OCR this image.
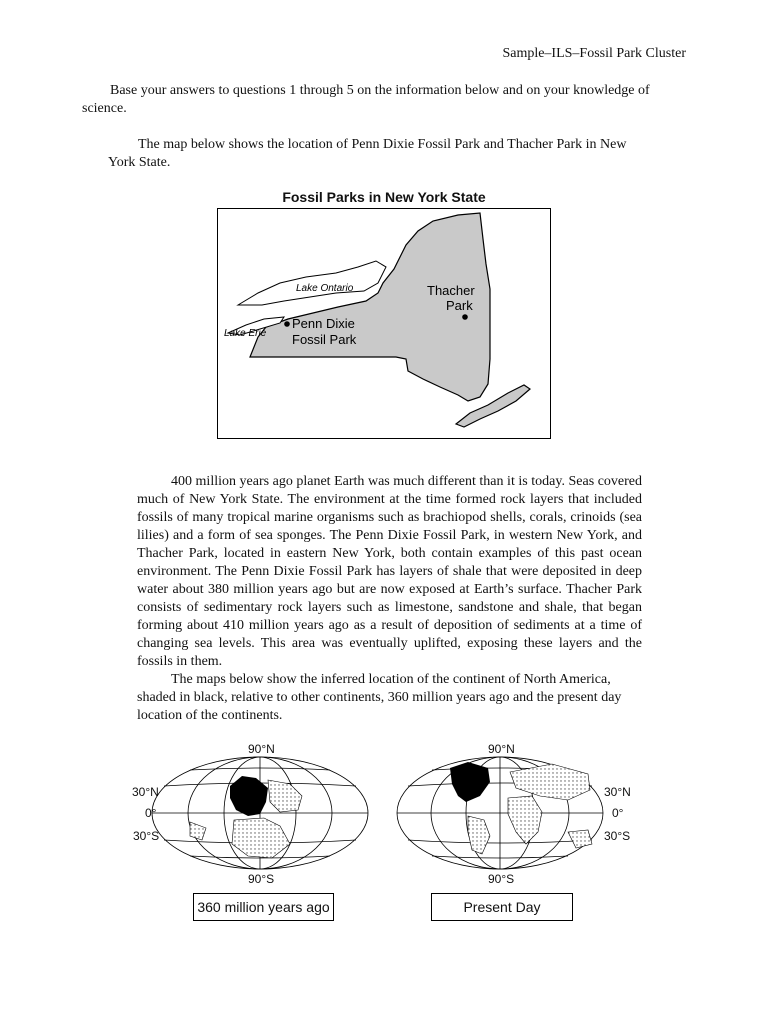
Sample–ILS–Fossil Park Cluster

Base your answers to questions 1 through 5 on the information below and on your knowledge of science.

The map below shows the location of Penn Dixie Fossil Park and Thacher Park in New York State.

Fossil Parks in New York State
Lake Ontario
Lake Erie
Penn Dixie
Fossil Park
Thacher
Park

400 million years ago planet Earth was much different than it is today. Seas covered much of New York State. The environment at the time formed rock layers that included fossils of many tropical marine organisms such as brachiopod shells, corals, crinoids (sea lilies) and a form of sea sponges. The Penn Dixie Fossil Park, in western New York, and Thacher Park, located in eastern New York, both contain examples of this past ocean environment. The Penn Dixie Fossil Park has layers of shale that were deposited in deep water about 380 million years ago but are now exposed at Earth’s surface. Thacher Park consists of sedimentary rock layers such as limestone, sandstone and shale, that began forming about 410 million years ago as a result of deposition of sediments at a time of changing sea levels. This area was eventually uplifted, exposing these layers and the fossils in them.

The maps below show the inferred location of the continent of North America, shaded in black, relative to other continents, 360 million years ago and the present day location of the continents.

90°N
30°N
0°
30°S
90°S
90°N
30°N
0°
30°S
90°S
360 million years ago	Present Day
